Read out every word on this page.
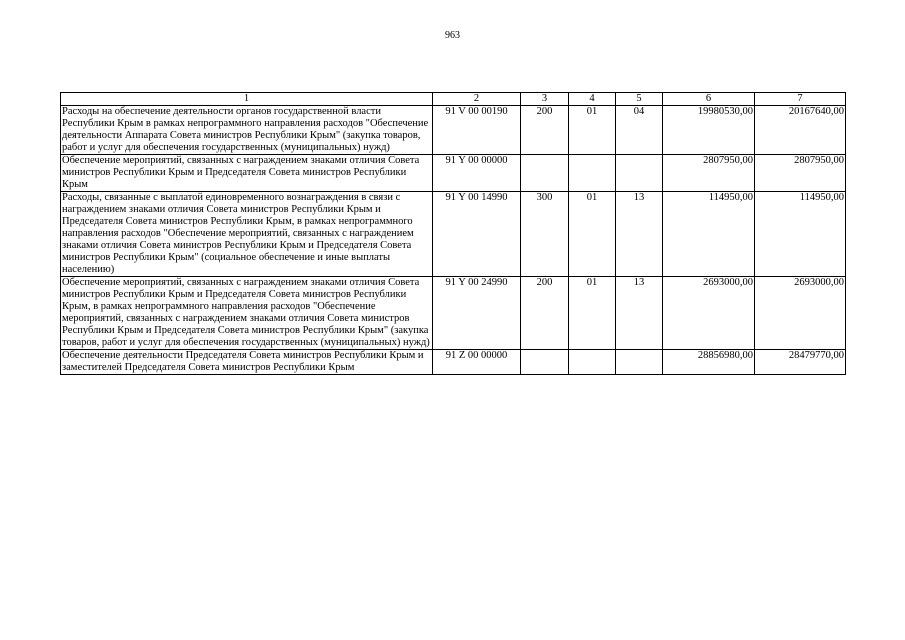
963
1	2	3	4	5	6	7
Расходы на обеспечение деятельности органов государственной власти Республики Крым в рамках непрограммного направления расходов "Обеспечение деятельности Аппарата Совета министров Республики Крым" (закупка товаров, работ и услуг для обеспечения государственных (муниципальных) нужд)	91 V 00 00190	200	01	04	19980530,00	20167640,00
Обеспечение мероприятий, связанных с награждением знаками отличия Совета министров Республики Крым и Председателя Совета министров Республики Крым	91 Y 00 00000				2807950,00	2807950,00
Расходы, связанные с выплатой единовременного вознаграждения в связи с награждением знаками отличия Совета министров Республики Крым и Председателя Совета министров Республики Крым, в рамках непрограммного направления расходов "Обеспечение мероприятий, связанных с награждением знаками отличия Совета министров Республики Крым и Председателя Совета министров Республики Крым" (социальное обеспечение и иные выплаты населению)	91 Y 00 14990	300	01	13	114950,00	114950,00
Обеспечение мероприятий, связанных с награждением знаками отличия Совета министров Республики Крым и Председателя Совета министров Республики Крым, в рамках непрограммного направления расходов "Обеспечение мероприятий, связанных с награждением знаками отличия Совета министров Республики Крым и Председателя Совета министров Республики Крым" (закупка товаров, работ и услуг для обеспечения государственных (муниципальных) нужд)	91 Y 00 24990	200	01	13	2693000,00	2693000,00
Обеспечение деятельности Председателя Совета министров Республики Крым и заместителей Председателя Совета министров Республики Крым	91 Z 00 00000				28856980,00	28479770,00
